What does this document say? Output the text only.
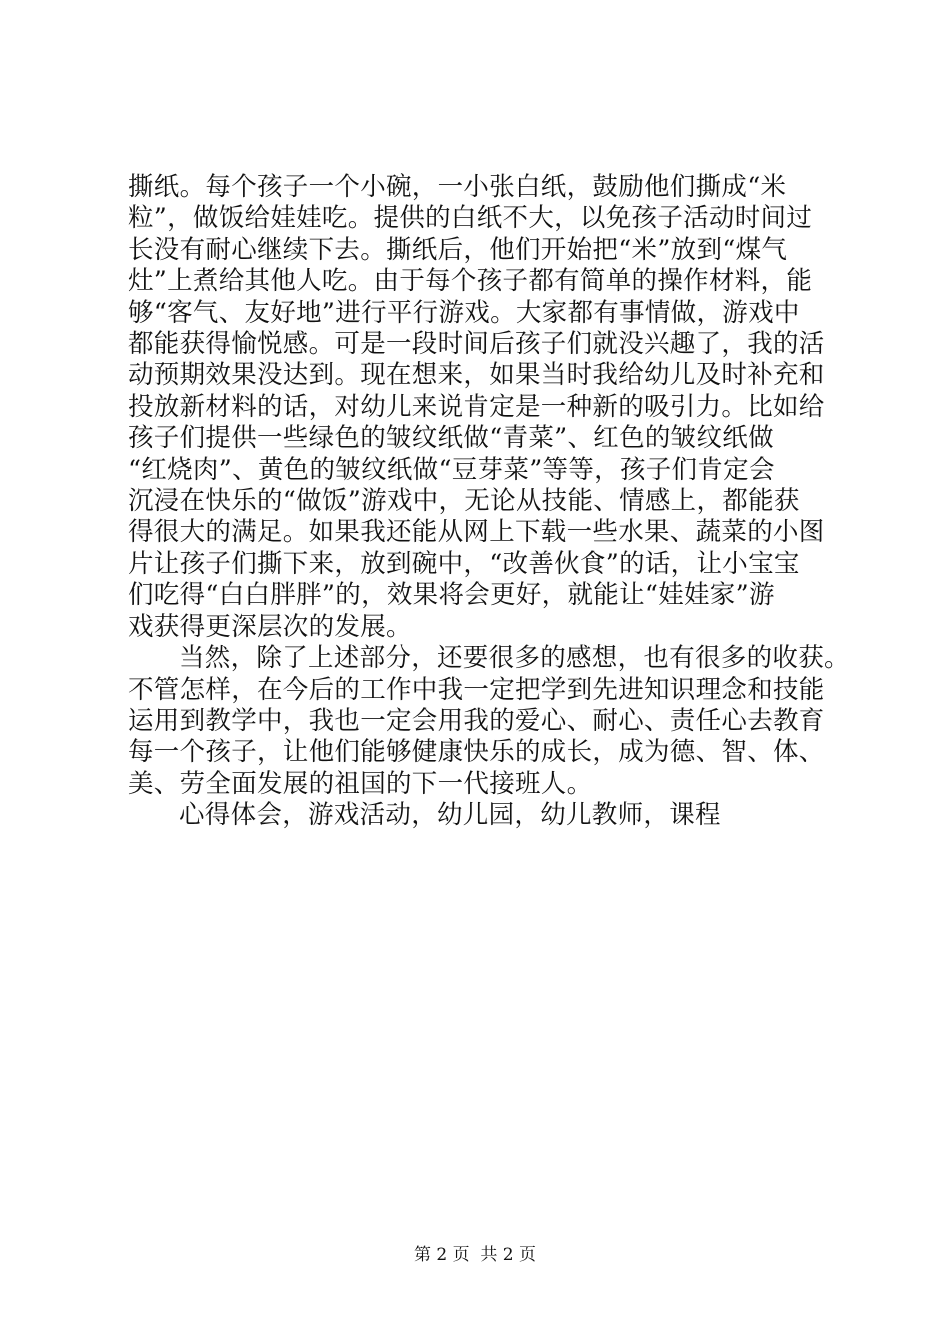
撕纸。每个孩子一个小碗，一小张白纸，鼓励他们撕成“米
粒”，做饭给娃娃吃。提供的白纸不大，以免孩子活动时间过
长没有耐心继续下去。撕纸后，他们开始把“米”放到“煤气
灶”上煮给其他人吃。由于每个孩子都有简单的操作材料，能
够“客气、友好地”进行平行游戏。大家都有事情做，游戏中
都能获得愉悦感。可是一段时间后孩子们就没兴趣了，我的活
动预期效果没达到。现在想来，如果当时我给幼儿及时补充和
投放新材料的话，对幼儿来说肯定是一种新的吸引力。比如给
孩子们提供一些绿色的皱纹纸做“青菜”、红色的皱纹纸做
“红烧肉”、黄色的皱纹纸做“豆芽菜”等等，孩子们肯定会
沉浸在快乐的“做饭”游戏中，无论从技能、情感上，都能获
得很大的满足。如果我还能从网上下载一些水果、蔬菜的小图
片让孩子们撕下来，放到碗中，“改善伙食”的话，让小宝宝
们吃得“白白胖胖”的，效果将会更好，就能让“娃娃家”游
戏获得更深层次的发展。
当然，除了上述部分，还要很多的感想，也有很多的收获。
不管怎样，在今后的工作中我一定把学到先进知识理念和技能
运用到教学中，我也一定会用我的爱心、耐心、责任心去教育
每一个孩子，让他们能够健康快乐的成长，成为德、智、体、
美、劳全面发展的祖国的下一代接班人。
心得体会，游戏活动，幼儿园，幼儿教师，课程
第 2 页  共 2 页
